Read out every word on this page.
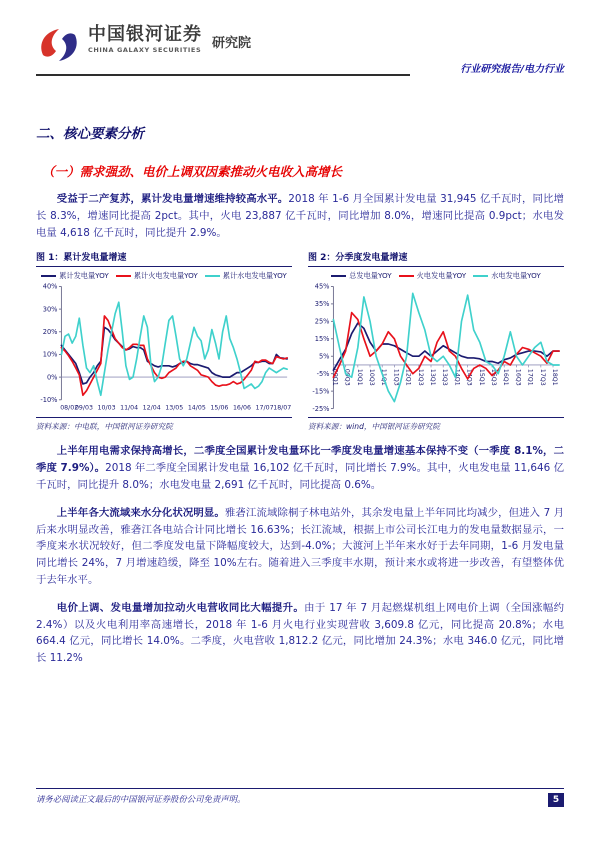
中国银河证券
CHINA GALAXY SECURITIES 研究院
行业研究报告/电力行业
二、核心要素分析
（一）需求强劲、电价上调双因素推动火电收入高增长

受益于二产复苏，累计发电量增速维持较高水平。2018 年 1-6 月全国累计发电量 31,945 亿千瓦时，同比增长 8.3%，增速同比提高 2pct。其中，火电 23,887 亿千瓦时，同比增加 8.0%，增速同比提高 0.9pct；水电发电量 4,618 亿千瓦时，同比提升 2.9%。

图 1：累计发电量增速
累计发电量YOY	累计火电发电量YOY	累计水电发电量YOY
40%
30%
20%
10%
0%
-10%
08/02
09/03 10/03 11/04 12/04 13/05 14/05 15/06 16/06 17/07 18/07
资料来源：中电联，中国银河证券研究院
图 2：分季度发电量增速
总发电量YOY	火电发电量YOY	水电发电量YOY
45%
35%
25%
15%
5%
-5%
-15%
-25%
09Q1 09Q3 10Q1 10Q3 11Q1 11Q3 12Q1 12Q3 13Q1 13Q3 14Q1 14Q3 15Q1 15Q3 16Q1 16Q3 17Q1 17Q3 18Q1
资料来源：wind，中国银河证券研究院

上半年用电需求保持高增长，二季度全国累计发电量环比一季度发电量增速基本保持不变（一季度 8.1%，二季度 7.9%）。2018 年二季度全国累计发电量 16,102 亿千瓦时，同比增长 7.9%。其中，火电发电量 11,646 亿千瓦时，同比提升 8.0%；水电发电量 2,691 亿千瓦时，同比提高 0.6%。

上半年各大流域来水分化状况明显。雅砻江流域除桐子林电站外，其余发电量上半年同比均减少，但进入 7 月后来水明显改善，雅砻江各电站合计同比增长 16.63%；长江流域，根据上市公司长江电力的发电量数据显示，一季度来水状况较好，但二季度发电量下降幅度较大，达到-4.0%；大渡河上半年来水好于去年同期，1-6 月发电量同比增长 24%，7 月增速趋缓，降至 10%左右。随着进入三季度丰水期，预计来水或将进一步改善，有望整体优于去年水平。

电价上调、发电量增加拉动火电营收同比大幅提升。由于 17 年 7 月起燃煤机组上网电价上调（全国涨幅约 2.4%）以及火电利用率高速增长，2018 年 1-6 月火电行业实现营收 3,609.8 亿元，同比提高 20.8%；水电 664.4 亿元，同比增长 14.0%。二季度，火电营收 1,812.2 亿元，同比增加 24.3%；水电 346.0 亿元，同比增长 11.2%

请务必阅读正文最后的中国银河证券股份公司免责声明。	5
